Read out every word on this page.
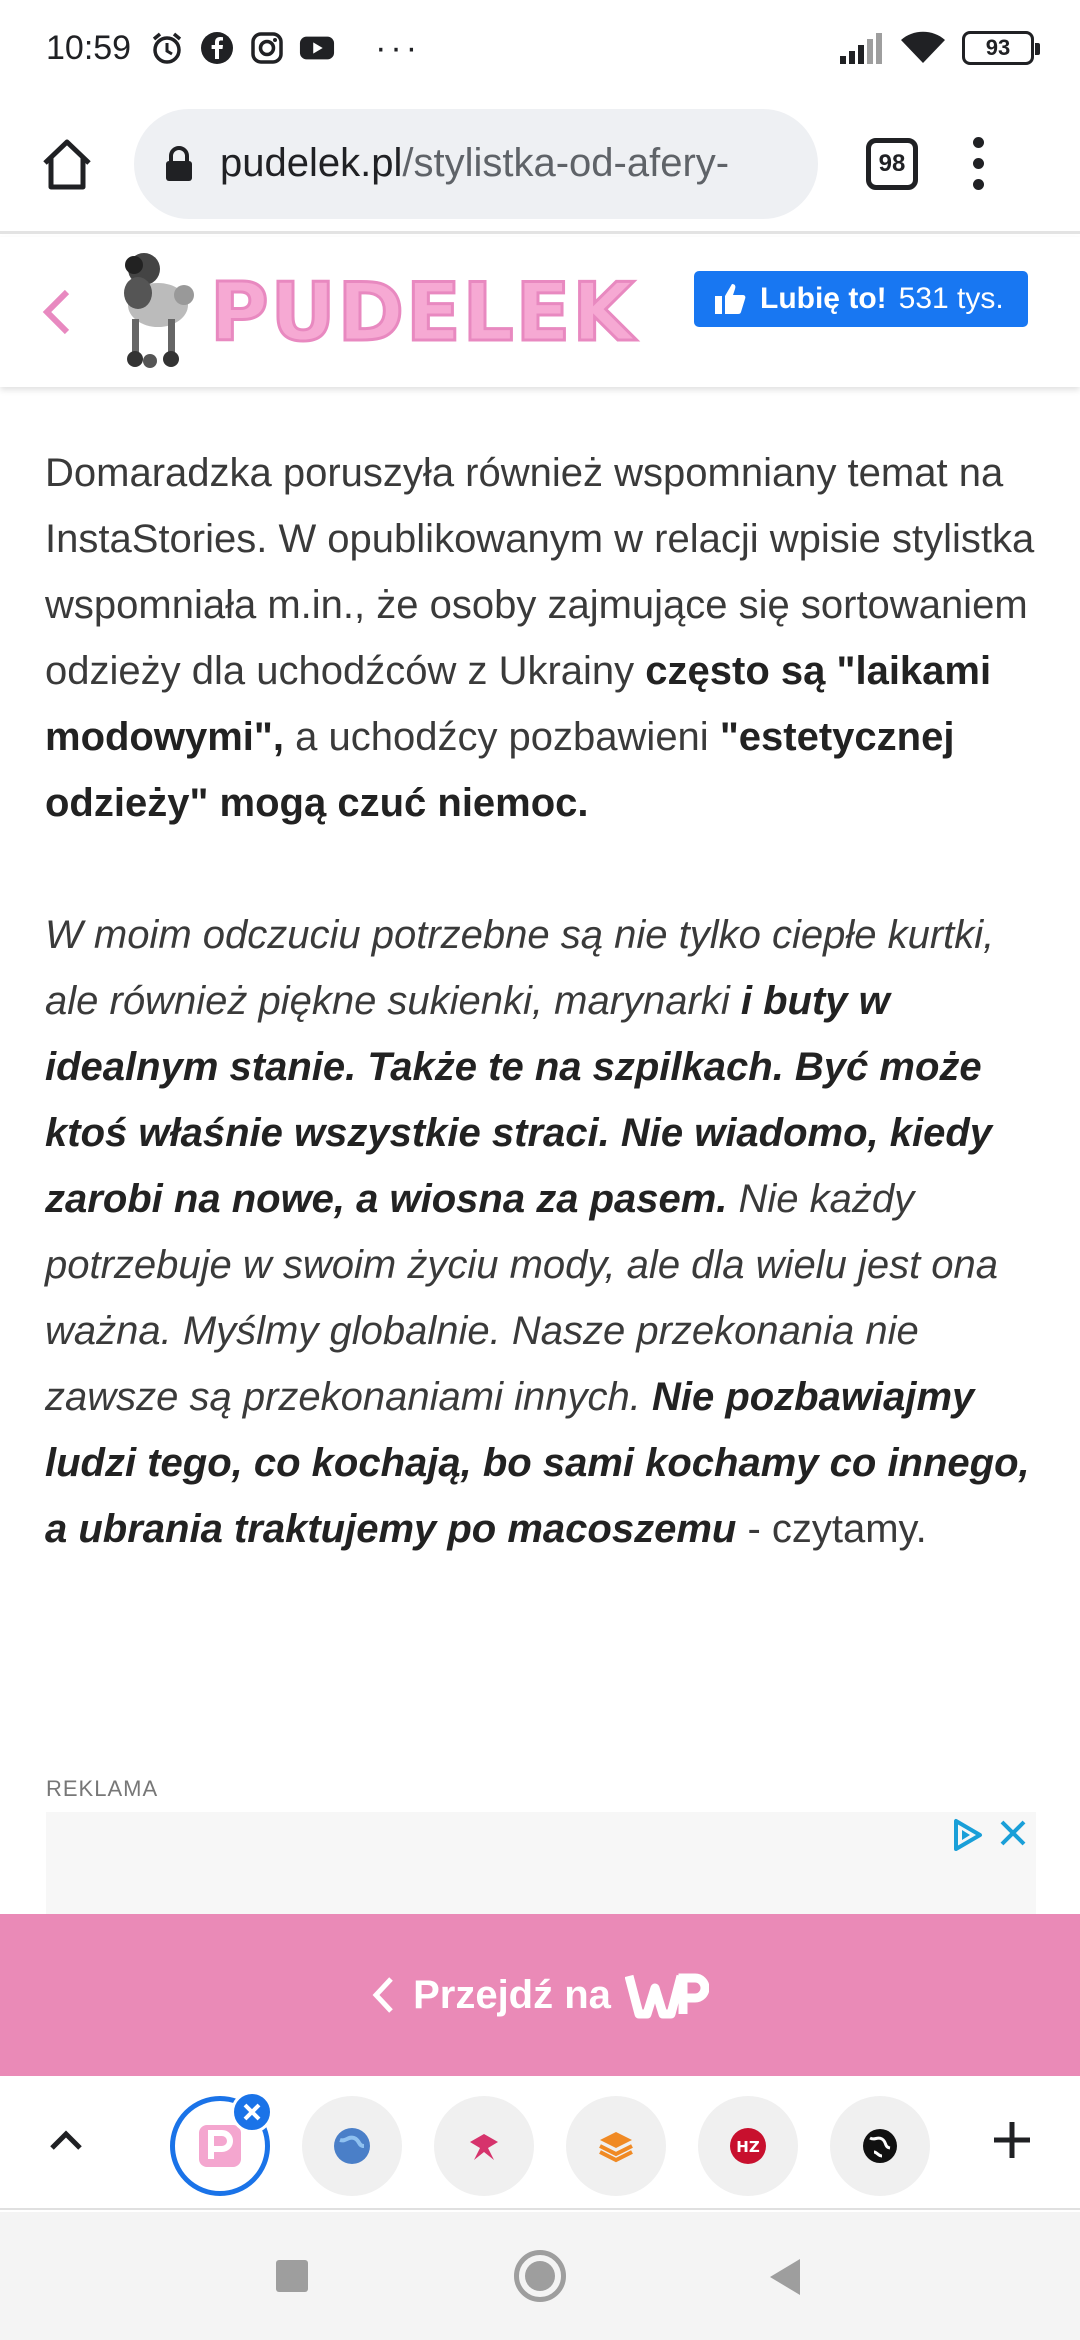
10:59	···	93
pudelek.pl/stylistka-od-afery-	98
PUDELEK	Lubię to! 531 tys.

Domaradzka poruszyła również wspomniany temat na InstaStories. W opublikowanym w relacji wpisie stylistka wspomniała m.in., że osoby zajmujące się sortowaniem odzieży dla uchodźców z Ukrainy często są "laikami modowymi", a uchodźcy pozbawieni "estetycznej odzieży" mogą czuć niemoc.

W moim odczuciu potrzebne są nie tylko ciepłe kurtki, ale również piękne sukienki, marynarki i buty w idealnym stanie. Także te na szpilkach. Być może ktoś właśnie wszystkie straci. Nie wiadomo, kiedy zarobi na nowe, a wiosna za pasem. Nie każdy potrzebuje w swoim życiu mody, ale dla wielu jest ona ważna. Myślmy globalnie. Nasze przekonania nie zawsze są przekonaniami innych. Nie pozbawiajmy ludzi tego, co kochają, bo sami kochamy co innego, a ubrania traktujemy po macoszemu - czytamy.

REKLAMA
Przejdź na
HZ
